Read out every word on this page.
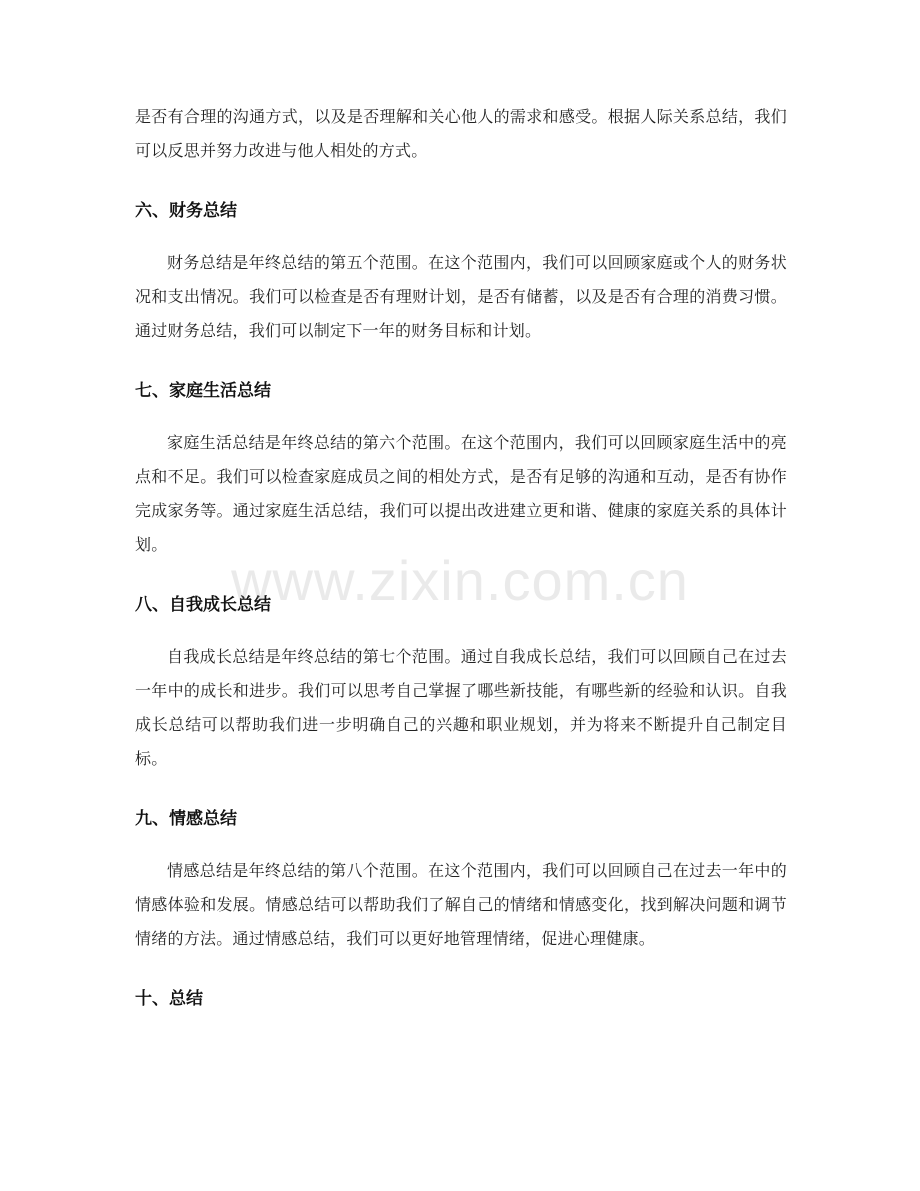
是否有合理的沟通方式，以及是否理解和关心他人的需求和感受。根据人际关系总结，我们可以反思并努力改进与他人相处的方式。

六、财务总结

财务总结是年终总结的第五个范围。在这个范围内，我们可以回顾家庭或个人的财务状况和支出情况。我们可以检查是否有理财计划，是否有储蓄，以及是否有合理的消费习惯。通过财务总结，我们可以制定下一年的财务目标和计划。

七、家庭生活总结

家庭生活总结是年终总结的第六个范围。在这个范围内，我们可以回顾家庭生活中的亮点和不足。我们可以检查家庭成员之间的相处方式，是否有足够的沟通和互动，是否有协作完成家务等。通过家庭生活总结，我们可以提出改进建立更和谐、健康的家庭关系的具体计划。

八、自我成长总结

自我成长总结是年终总结的第七个范围。通过自我成长总结，我们可以回顾自己在过去一年中的成长和进步。我们可以思考自己掌握了哪些新技能，有哪些新的经验和认识。自我成长总结可以帮助我们进一步明确自己的兴趣和职业规划，并为将来不断提升自己制定目标。

九、情感总结

情感总结是年终总结的第八个范围。在这个范围内，我们可以回顾自己在过去一年中的情感体验和发展。情感总结可以帮助我们了解自己的情绪和情感变化，找到解决问题和调节情绪的方法。通过情感总结，我们可以更好地管理情绪，促进心理健康。

十、总结
www.zixin.com.cn
